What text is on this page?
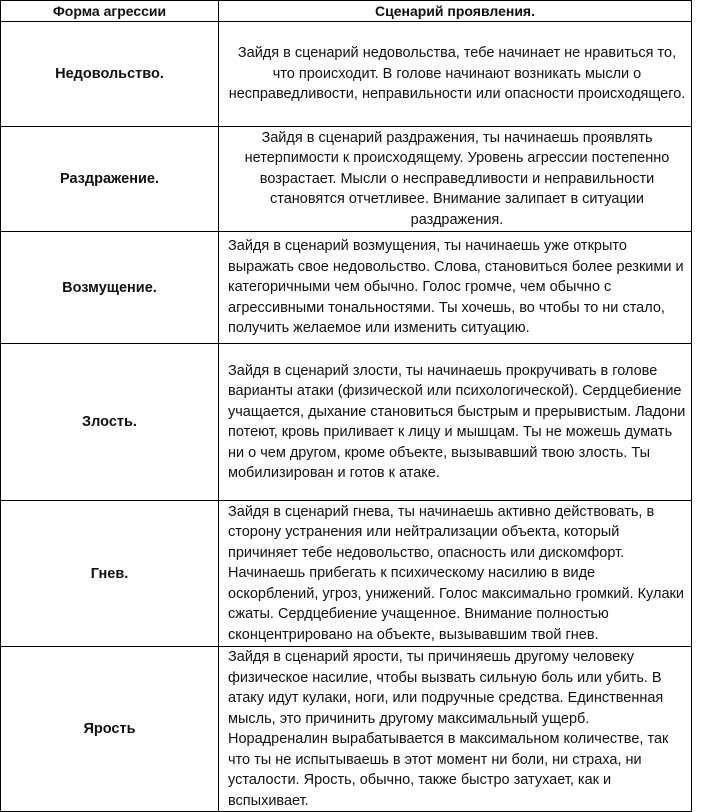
Форма агрессии	Сценарий проявления.
Недовольство.	Зайдя в сценарий недовольства, тебе начинает не нравиться то, что происходит. В голове начинают возникать мысли о несправедливости, неправильности или опасности происходящего.
Раздражение.	Зайдя в сценарий раздражения, ты начинаешь проявлять нетерпимости к происходящему. Уровень агрессии постепенно возрастает. Мысли о несправедливости и неправильности становятся отчетливее. Внимание залипает в ситуации раздражения.
Возмущение.	Зайдя в сценарий возмущения, ты начинаешь уже открыто выражать свое недовольство. Слова, становиться более резкими и категоричными чем обычно. Голос громче, чем обычно с агрессивными тональностями. Ты хочешь, во чтобы то ни стало, получить желаемое или изменить ситуацию.
Злость.	Зайдя в сценарий злости, ты начинаешь прокручивать в голове варианты атаки (физической или психологической). Сердцебиение учащается, дыхание становиться быстрым и прерывистым. Ладони потеют, кровь приливает к лицу и мышцам. Ты не можешь думать ни о чем другом, кроме объекте, вызывавший твою злость. Ты мобилизирован и готов к атаке.
Гнев.	Зайдя в сценарий гнева, ты начинаешь активно действовать, в сторону устранения или нейтрализации объекта, который причиняет тебе недовольство, опасность или дискомфорт. Начинаешь прибегать к психическому насилию в виде оскорблений, угроз, унижений. Голос максимально громкий. Кулаки сжаты. Сердцебиение учащенное. Внимание полностью сконцентрировано на объекте, вызывавшим твой гнев.
Ярость	Зайдя в сценарий ярости, ты причиняешь другому человеку физическое насилие, чтобы вызвать сильную боль или убить. В атаку идут кулаки, ноги, или подручные средства. Единственная мысль, это причинить другому максимальный ущерб. Норадреналин вырабатывается в максимальном количестве, так что ты не испытываешь в этот момент ни боли, ни страха, ни усталости. Ярость, обычно, также быстро затухает, как и вспыхивает.
